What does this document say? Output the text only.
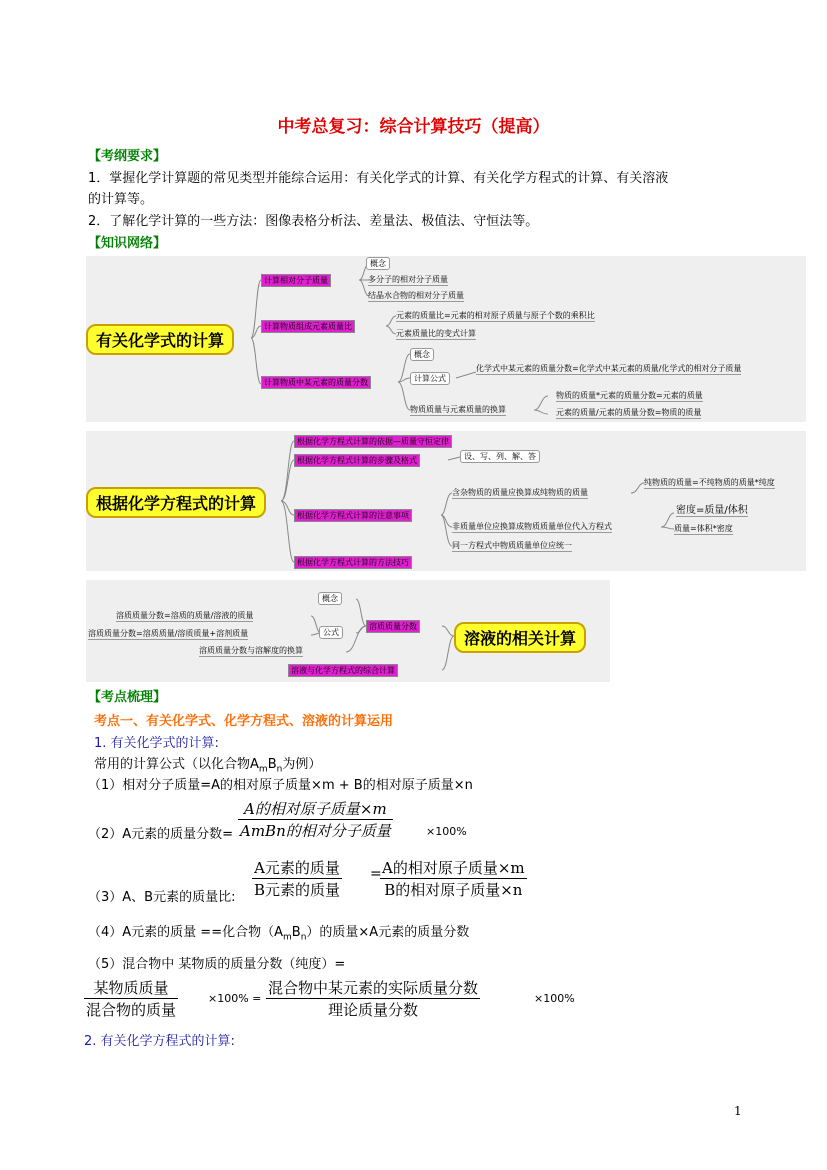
中考总复习：综合计算技巧（提高）
【考纲要求】
1．掌握化学计算题的常见类型并能综合运用：有关化学式的计算、有关化学方程式的计算、有关溶液
的计算等。
2．了解化学计算的一些方法：图像表格分析法、差量法、极值法、守恒法等。
【知识网络】
有关化学式的计算
计算相对分子质量
概念
多分子的相对分子质量
结晶水合物的相对分子质量
计算物质组成元素质量比
元素的质量比=元素的相对原子质量与原子个数的乘积比
元素质量比的变式计算
计算物质中某元素的质量分数
概念
计算公式
化学式中某元素的质量分数=化学式中某元素的质量/化学式的相对分子质量
物质质量与元素质量的换算
物质的质量*元素的质量分数=元素的质量
元素的质量/元素的质量分数=物质的质量
根据化学方程式的计算
根据化学方程式计算的依据—质量守恒定律
根据化学方程式计算的步骤及格式	设、写、列、解、答
根据化学方程式计算的注意事项
含杂物质的质量应换算成纯物质的质量
纯物质的质量=不纯物质的质量*纯度
非质量单位应换算成物质质量单位代入方程式
密度=质量/体积
质量=体积*密度
同一方程式中物质质量单位应统一
根据化学方程式计算的方法技巧
概念
溶质质量分数=溶质的质量/溶液的质量
公式
溶质质量分数=溶质质量/溶质质量+溶剂质量
溶质质量分数与溶解度的换算
溶质质量分数
溶液与化学方程式的综合计算
溶液的相关计算
【考点梳理】
考点一、有关化学式、化学方程式、溶液的计算运用
1. 有关化学式的计算:
常用的计算公式（以化合物$A_mB_n$为例）
（1）相对分子质量=A的相对原子质量×m + B的相对原子质量×n
（2）A元素的质量分数=
A的相对原子质量×m
AmBn的相对分子质量	×100%
A元素的质量
B元素的质量
= A的相对原子质量×m
B的相对原子质量×n
（3）A、B元素的质量比:
（4）A元素的质量 ==化合物$(A_mB_n)$的质量×A元素的质量分数
（5）混合物中 某物质的质量分数（纯度）=
某物质质量
混合物的质量
×100% =
混合物中某元素的实际质量分数
理论质量分数
×100%
2. 有关化学方程式的计算:
1
